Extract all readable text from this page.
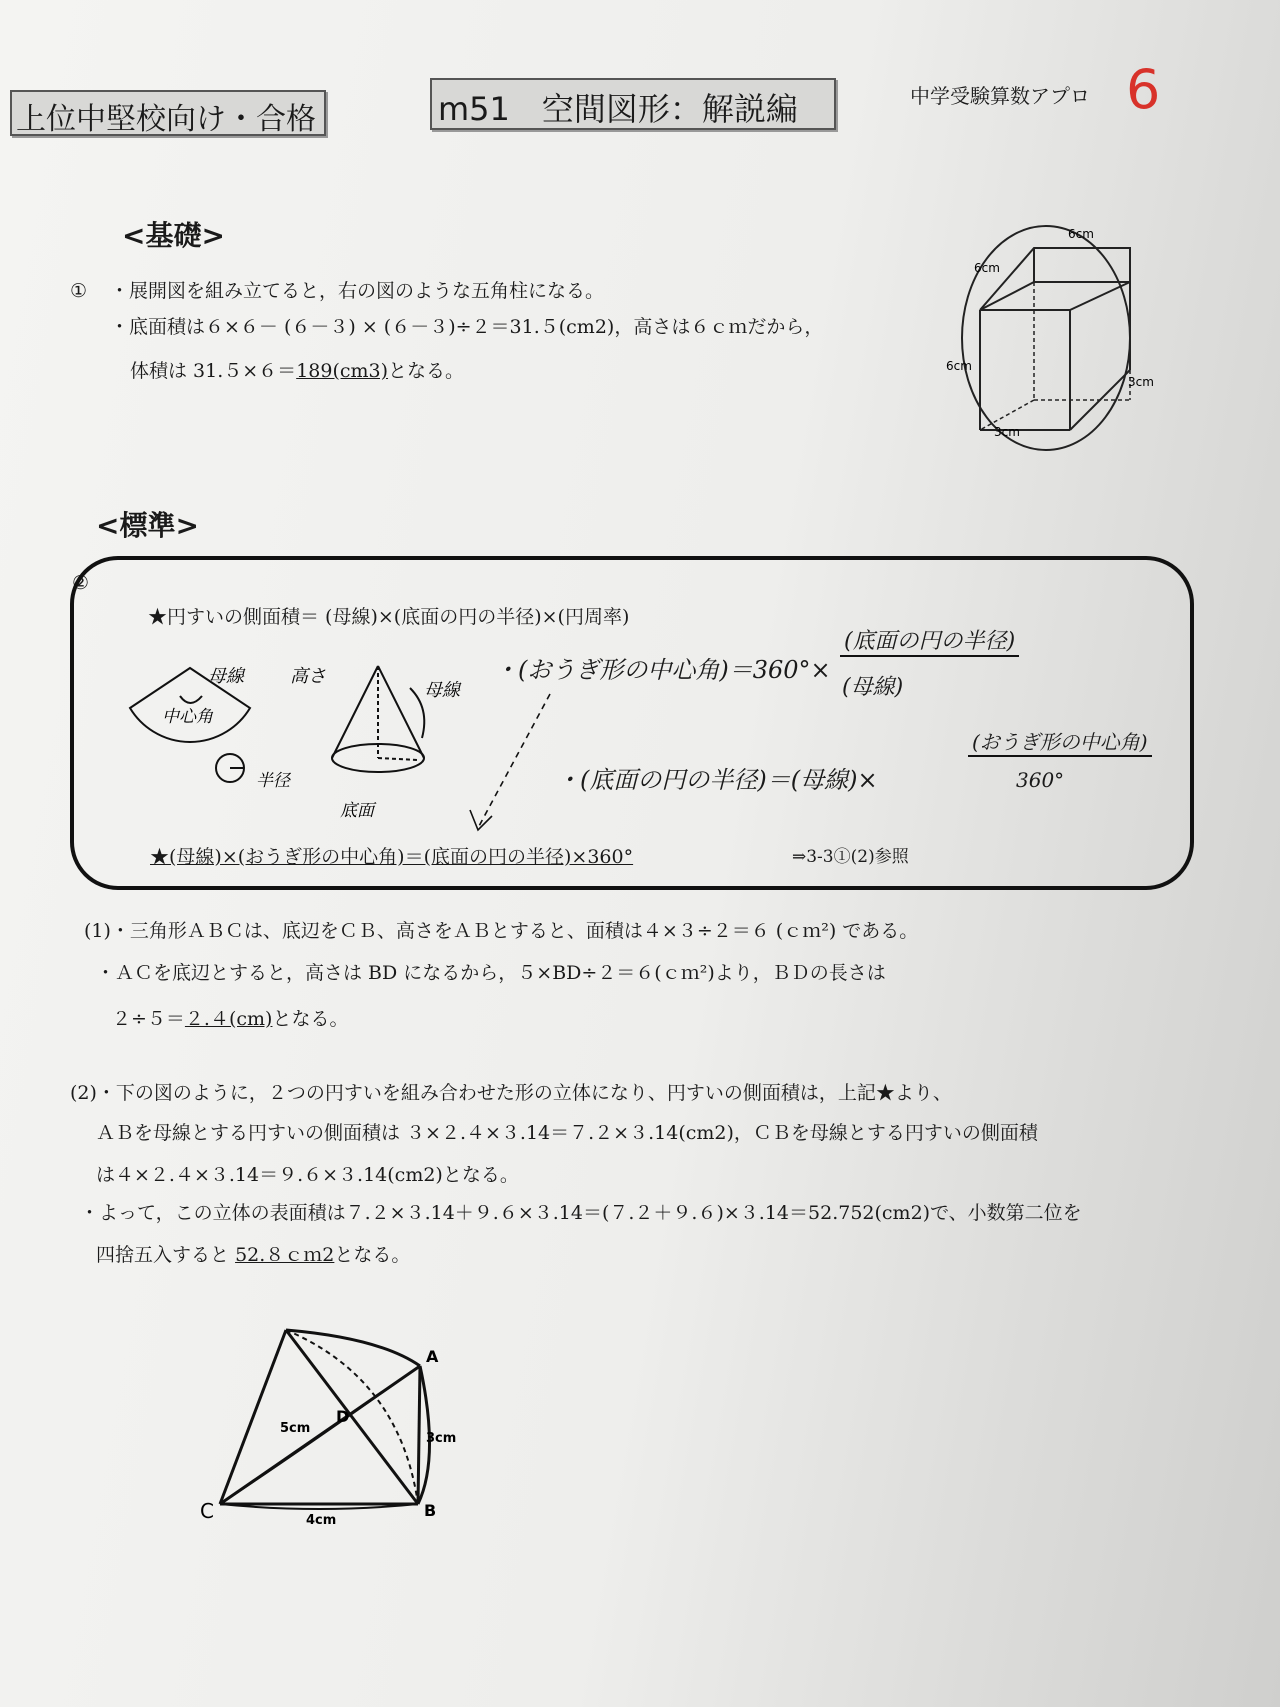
上位中堅校向け・合格	m51　空間図形：解説編	中学受験算数アプロ 6
<基礎>
① ・展開図を組み立てると，右の図のような五角柱になる。
・底面積は６×６－ (６－３) × (６－３)÷２＝31.５(cm2)，高さは６ｃｍだから，
体積は 31.５×６＝189(cm3)となる。
6cm
6cm
6cm
3cm
3cm
<標準>
②
★円すいの側面積＝ (母線)×(底面の円の半径)×(円周率)
母線
中心角
高さ
母線
半径
底面
・(おうぎ形の中心角)＝360°×
(底面の円の半径)
(母線)
・(底面の円の半径)＝(母線)×
(おうぎ形の中心角)
360°
★(母線)×(おうぎ形の中心角)＝(底面の円の半径)×360°	⇒3-3①(2)参照
(1)・三角形ＡＢＣは、底辺をＣＢ、高さをＡＢとすると、面積は４×３÷２＝６ (ｃｍ²) である。
・ＡＣを底辺とすると，高さは BD になるから，５×BD÷２＝６(ｃｍ²)より，ＢＤの長さは
２÷５＝２.４(cm)となる。
(2)・下の図のように，２つの円すいを組み合わせた形の立体になり、円すいの側面積は，上記★より、
ＡＢを母線とする円すいの側面積は ３×２.４×３.14＝７.２×３.14(cm2)，ＣＢを母線とする円すいの側面積
は４×２.４×３.14＝９.６×３.14(cm2)となる。
・よって，この立体の表面積は７.２×３.14＋９.６×３.14＝(７.２＋９.６)×３.14＝52.752(cm2)で、小数第二位を
四捨五入すると 52.８ｃｍ2となる。
A
B
C
D
5cm
3cm
4cm
